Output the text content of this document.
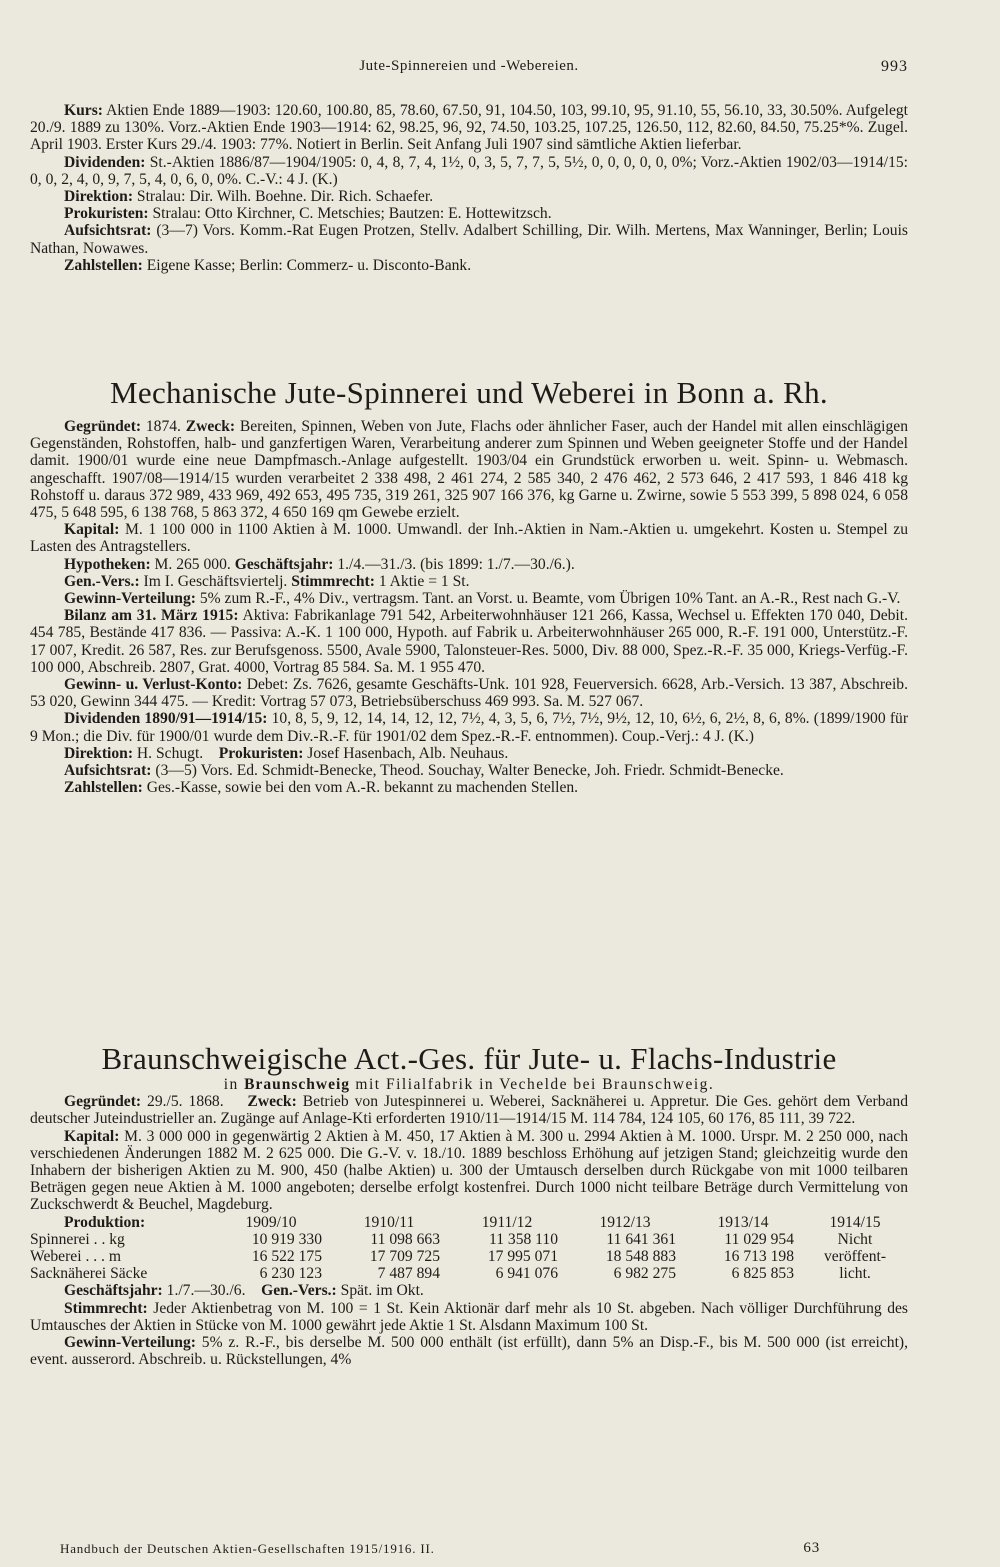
Jute-Spinnereien und -Webereien.	993

Kurs: Aktien Ende 1889—1903: 120.60, 100.80, 85, 78.60, 67.50, 91, 104.50, 103, 99.10, 95, 91.10, 55, 56.10, 33, 30.50%. Aufgelegt 20./9. 1889 zu 130%. Vorz.-Aktien Ende 1903—1914: 62, 98.25, 96, 92, 74.50, 103.25, 107.25, 126.50, 112, 82.60, 84.50, 75.25*%. Zugel. April 1903. Erster Kurs 29./4. 1903: 77%. Notiert in Berlin. Seit Anfang Juli 1907 sind sämtliche Aktien lieferbar.

Dividenden: St.-Aktien 1886/87—1904/1905: 0, 4, 8, 7, 4, 1½, 0, 3, 5, 7, 7, 5, 5½, 0, 0, 0, 0, 0, 0%; Vorz.-Aktien 1902/03—1914/15: 0, 0, 2, 4, 0, 9, 7, 5, 4, 0, 6, 0, 0%. C.-V.: 4 J. (K.)

Direktion: Stralau: Dir. Wilh. Boehne. Dir. Rich. Schaefer.

Prokuristen: Stralau: Otto Kirchner, C. Metschies; Bautzen: E. Hottewitzsch.

Aufsichtsrat: (3—7) Vors. Komm.-Rat Eugen Protzen, Stellv. Adalbert Schilling, Dir. Wilh. Mertens, Max Wanninger, Berlin; Louis Nathan, Nowawes.

Zahlstellen: Eigene Kasse; Berlin: Commerz- u. Disconto-Bank.

Mechanische Jute-Spinnerei und Weberei in Bonn a. Rh.

Gegründet: 1874. Zweck: Bereiten, Spinnen, Weben von Jute, Flachs oder ähnlicher Faser, auch der Handel mit allen einschlägigen Gegenständen, Rohstoffen, halb- und ganzfertigen Waren, Verarbeitung anderer zum Spinnen und Weben geeigneter Stoffe und der Handel damit. 1900/01 wurde eine neue Dampfmasch.-Anlage aufgestellt. 1903/04 ein Grundstück erworben u. weit. Spinn- u. Webmasch. angeschafft. 1907/08—1914/15 wurden verarbeitet 2 338 498, 2 461 274, 2 585 340, 2 476 462, 2 573 646, 2 417 593, 1 846 418 kg Rohstoff u. daraus 372 989, 433 969, 492 653, 495 735, 319 261, 325 907 166 376, kg Garne u. Zwirne, sowie 5 553 399, 5 898 024, 6 058 475, 5 648 595, 6 138 768, 5 863 372, 4 650 169 qm Gewebe erzielt.

Kapital: M. 1 100 000 in 1100 Aktien à M. 1000. Umwandl. der Inh.-Aktien in Nam.-Aktien u. umgekehrt. Kosten u. Stempel zu Lasten des Antragstellers.

Hypotheken: M. 265 000. Geschäftsjahr: 1./4.—31./3. (bis 1899: 1./7.—30./6.).

Gen.-Vers.: Im I. Geschäftsviertelj. Stimmrecht: 1 Aktie = 1 St.

Gewinn-Verteilung: 5% zum R.-F., 4% Div., vertragsm. Tant. an Vorst. u. Beamte, vom Übrigen 10% Tant. an A.-R., Rest nach G.-V.

Bilanz am 31. März 1915: Aktiva: Fabrikanlage 791 542, Arbeiterwohnhäuser 121 266, Kassa, Wechsel u. Effekten 170 040, Debit. 454 785, Bestände 417 836. — Passiva: A.-K. 1 100 000, Hypoth. auf Fabrik u. Arbeiterwohnhäuser 265 000, R.-F. 191 000, Unterstütz.-F. 17 007, Kredit. 26 587, Res. zur Berufsgenoss. 5500, Avale 5900, Talonsteuer-Res. 5000, Div. 88 000, Spez.-R.-F. 35 000, Kriegs-Verfüg.-F. 100 000, Abschreib. 2807, Grat. 4000, Vortrag 85 584. Sa. M. 1 955 470.

Gewinn- u. Verlust-Konto: Debet: Zs. 7626, gesamte Geschäfts-Unk. 101 928, Feuerversich. 6628, Arb.-Versich. 13 387, Abschreib. 53 020, Gewinn 344 475. — Kredit: Vortrag 57 073, Betriebsüberschuss 469 993. Sa. M. 527 067.

Dividenden 1890/91—1914/15: 10, 8, 5, 9, 12, 14, 14, 12, 12, 7½, 4, 3, 5, 6, 7½, 7½, 9½, 12, 10, 6½, 6, 2½, 8, 6, 8%. (1899/1900 für 9 Mon.; die Div. für 1900/01 wurde dem Div.-R.-F. für 1901/02 dem Spez.-R.-F. entnommen). Coup.-Verj.: 4 J. (K.)

Direktion: H. Schugt. Prokuristen: Josef Hasenbach, Alb. Neuhaus.

Aufsichtsrat: (3—5) Vors. Ed. Schmidt-Benecke, Theod. Souchay, Walter Benecke, Joh. Friedr. Schmidt-Benecke.

Zahlstellen: Ges.-Kasse, sowie bei den vom A.-R. bekannt zu machenden Stellen.

Braunschweigische Act.-Ges. für Jute- u. Flachs-Industrie
in Braunschweig mit Filialfabrik in Vechelde bei Braunschweig.

Gegründet: 29./5. 1868. Zweck: Betrieb von Jutespinnerei u. Weberei, Sacknäherei u. Appretur. Die Ges. gehört dem Verband deutscher Juteindustrieller an. Zugänge auf Anlage-Kti erforderten 1910/11—1914/15 M. 114 784, 124 105, 60 176, 85 111, 39 722.

Kapital: M. 3 000 000 in gegenwärtig 2 Aktien à M. 450, 17 Aktien à M. 300 u. 2994 Aktien à M. 1000. Urspr. M. 2 250 000, nach verschiedenen Änderungen 1882 M. 2 625 000. Die G.-V. v. 18./10. 1889 beschloss Erhöhung auf jetzigen Stand; gleichzeitig wurde den Inhabern der bisherigen Aktien zu M. 900, 450 (halbe Aktien) u. 300 der Umtausch derselben durch Rückgabe von mit 1000 teilbaren Beträgen gegen neue Aktien à M. 1000 angeboten; derselbe erfolgt kostenfrei. Durch 1000 nicht teilbare Beträge durch Vermittelung von Zuckschwerdt & Beuchel, Magdeburg.

Produktion:	1909/10	1910/11	1911/12	1912/13	1913/14	1914/15
Spinnerei . . kg	10 919 330	11 098 663	11 358 110	11 641 361	11 029 954	Nicht
Weberei . . . m	16 522 175	17 709 725	17 995 071	18 548 883	16 713 198	veröffent-
Sacknäherei Säcke	6 230 123	7 487 894	6 941 076	6 982 275	6 825 853	licht.

Geschäftsjahr: 1./7.—30./6. Gen.-Vers.: Spät. im Okt.

Stimmrecht: Jeder Aktienbetrag von M. 100 = 1 St. Kein Aktionär darf mehr als 10 St. abgeben. Nach völliger Durchführung des Umtausches der Aktien in Stücke von M. 1000 gewährt jede Aktie 1 St. Alsdann Maximum 100 St.

Gewinn-Verteilung: 5% z. R.-F., bis derselbe M. 500 000 enthält (ist erfüllt), dann 5% an Disp.-F., bis M. 500 000 (ist erreicht), event. ausserord. Abschreib. u. Rückstellungen, 4%

Handbuch der Deutschen Aktien-Gesellschaften 1915/1916. II.	63
